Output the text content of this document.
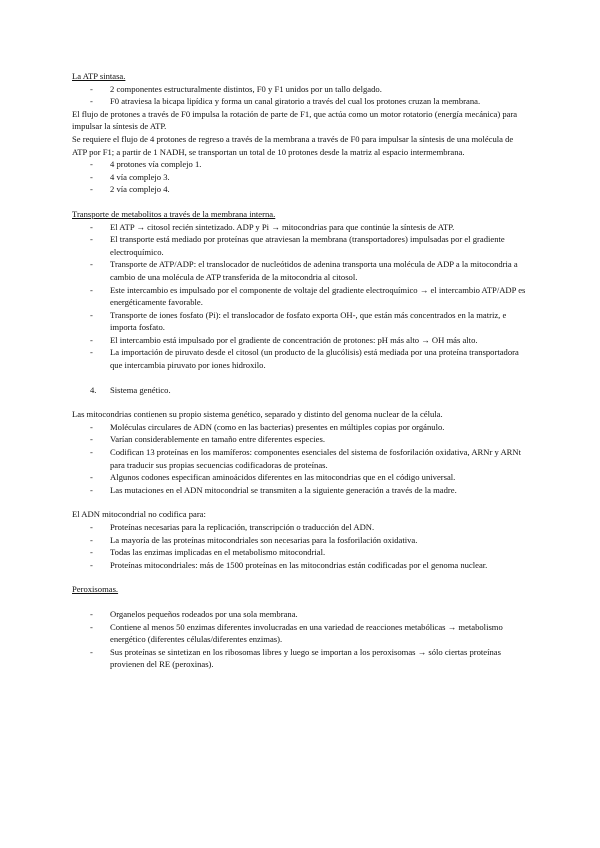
La ATP sintasa.

- 2 componentes estructuralmente distintos, F0 y F1 unidos por un tallo delgado.
- F0 atraviesa la bicapa lipídica y forma un canal giratorio a través del cual los protones cruzan la membrana.

El flujo de protones a través de F0 impulsa la rotación de parte de F1, que actúa como un motor rotatorio (energía mecánica) para impulsar la síntesis de ATP.

Se requiere el flujo de 4 protones de regreso a través de la membrana a través de F0 para impulsar la síntesis de una molécula de ATP por F1; a partir de 1 NADH, se transportan un total de 10 protones desde la matriz al espacio intermembrana.

- 4 protones vía complejo 1.
- 4 vía complejo 3.
- 2 vía complejo 4.

Transporte de metabolitos a través de la membrana interna.

- El ATP → citosol recién sintetizado. ADP y Pi → mitocondrias para que continúe la síntesis de ATP.
- El transporte está mediado por proteínas que atraviesan la membrana (transportadores) impulsadas por el gradiente electroquímico.
- Transporte de ATP/ADP: el translocador de nucleótidos de adenina transporta una molécula de ADP a la mitocondria a cambio de una molécula de ATP transferida de la mitocondria al citosol.
- Este intercambio es impulsado por el componente de voltaje del gradiente electroquímico → el intercambio ATP/ADP es energéticamente favorable.
- Transporte de iones fosfato (Pi): el translocador de fosfato exporta OH-, que están más concentrados en la matriz, e importa fosfato.
- El intercambio está impulsado por el gradiente de concentración de protones: pH más alto → OH más alto.
- La importación de piruvato desde el citosol (un producto de la glucólisis) está mediada por una proteína transportadora que intercambia piruvato por iones hidroxilo.

4. Sistema genético.

Las mitocondrias contienen su propio sistema genético, separado y distinto del genoma nuclear de la célula.

- Moléculas circulares de ADN (como en las bacterias) presentes en múltiples copias por orgánulo.
- Varían considerablemente en tamaño entre diferentes especies.
- Codifican 13 proteínas en los mamíferos: componentes esenciales del sistema de fosforilación oxidativa, ARNr y ARNt para traducir sus propias secuencias codificadoras de proteínas.
- Algunos codones especifican aminoácidos diferentes en las mitocondrias que en el código universal.
- Las mutaciones en el ADN mitocondrial se transmiten a la siguiente generación a través de la madre.

El ADN mitocondrial no codifica para:

- Proteínas necesarias para la replicación, transcripción o traducción del ADN.
- La mayoría de las proteínas mitocondriales son necesarias para la fosforilación oxidativa.
- Todas las enzimas implicadas en el metabolismo mitocondrial.
- Proteínas mitocondriales: más de 1500 proteínas en las mitocondrias están codificadas por el genoma nuclear.

Peroxisomas.

- Organelos pequeños rodeados por una sola membrana.
- Contiene al menos 50 enzimas diferentes involucradas en una variedad de reacciones metabólicas → metabolismo energético (diferentes células/diferentes enzimas).
- Sus proteínas se sintetizan en los ribosomas libres y luego se importan a los peroxisomas → sólo ciertas proteínas provienen del RE (peroxinas).
